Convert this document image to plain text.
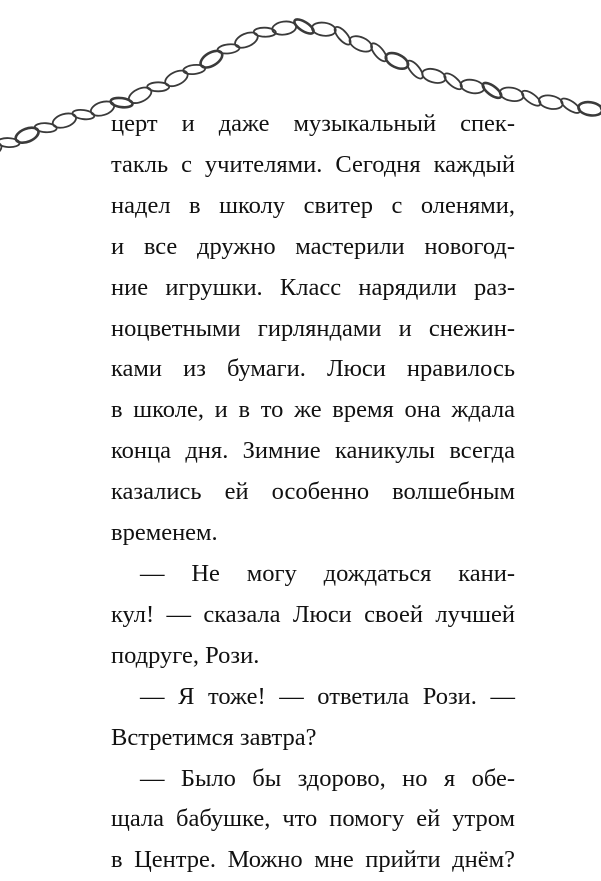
церт и даже музыкальный спек-
такль с учителями. Сегодня каждый
надел в школу свитер с оленями,
и все дружно мастерили новогод-
ние игрушки. Класс нарядили раз-
ноцветными гирляндами и снежин-
ками из бумаги. Люси нравилось
в школе, и в то же время она ждала
конца дня. Зимние каникулы всегда
казались ей особенно волшебным
временем.

— Не могу дождаться кани-
кул! — сказала Люси своей лучшей
подруге, Рози.

— Я тоже! — ответила Рози. —
Встретимся завтра?

— Было бы здорово, но я обе-
щала бабушке, что помогу ей утром
в Центре. Можно мне прийти днём?
